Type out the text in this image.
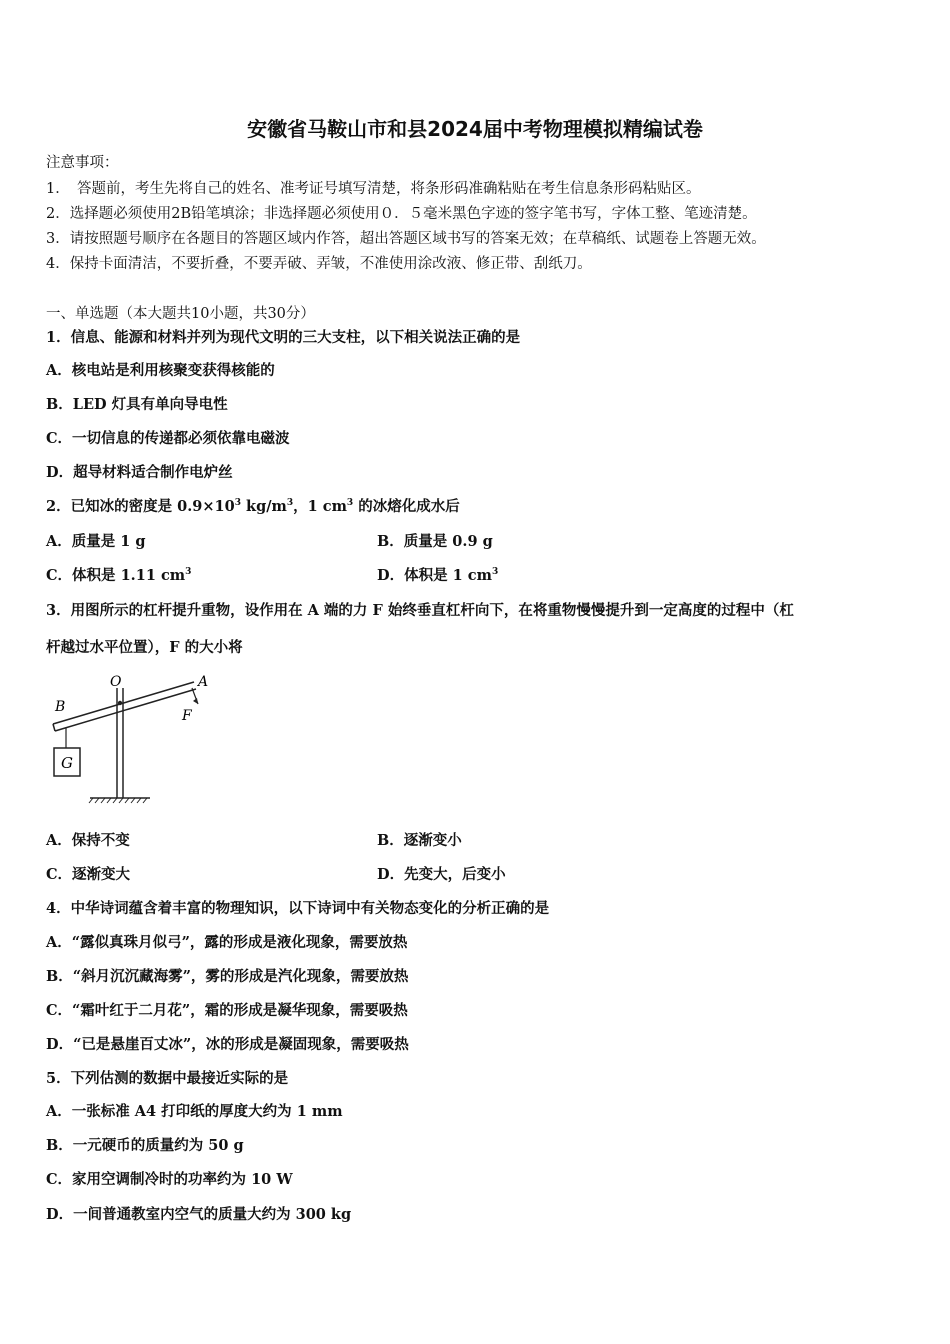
安徽省马鞍山市和县2024届中考物理模拟精编试卷
注意事项：
1．　答题前，考生先将自己的姓名、准考证号填写清楚，将条形码准确粘贴在考生信息条形码粘贴区。
2．选择题必须使用2B铅笔填涂；非选择题必须使用０．５毫米黑色字迹的签字笔书写，字体工整、笔迹清楚。
3．请按照题号顺序在各题目的答题区域内作答，超出答题区域书写的答案无效；在草稿纸、试题卷上答题无效。
4．保持卡面清洁，不要折叠，不要弄破、弄皱，不准使用涂改液、修正带、刮纸刀。
一、单选题（本大题共10小题，共30分）
1．信息、能源和材料并列为现代文明的三大支柱，以下相关说法正确的是
A．核电站是利用核聚变获得核能的
B．LED 灯具有单向导电性
C．一切信息的传递都必须依靠电磁波
D．超导材料适合制作电炉丝
2．已知冰的密度是 $0.9\times 10^3$ $kg/m^3$，1 $cm^3$ 的冰熔化成水后
A．质量是 1 g	B．质量是 0.9 g
C．体积是 1.11 $cm^3$	D．体积是 1 $cm^3$
3．用图所示的杠杆提升重物，设作用在 A 端的力 F 始终垂直杠杆向下，在将重物慢慢提升到一定高度的过程中（杠
杆越过水平位置），F 的大小将
G
O
B
A
F
A．保持不变	B．逐渐变小
C．逐渐变大	D．先变大，后变小
4．中华诗词蕴含着丰富的物理知识，以下诗词中有关物态变化的分析正确的是
A．“露似真珠月似弓”，露的形成是液化现象，需要放热
B．“斜月沉沉藏海雾”，雾的形成是汽化现象，需要放热
C．“霜叶红于二月花”，霜的形成是凝华现象，需要吸热
D．“已是悬崖百丈冰”，冰的形成是凝固现象，需要吸热
5．下列估测的数据中最接近实际的是
A．一张标准 A4 打印纸的厚度大约为 1 mm
B．一元硬币的质量约为 50 g
C．家用空调制冷时的功率约为 10 W
D．一间普通教室内空气的质量大约为 300 kg
